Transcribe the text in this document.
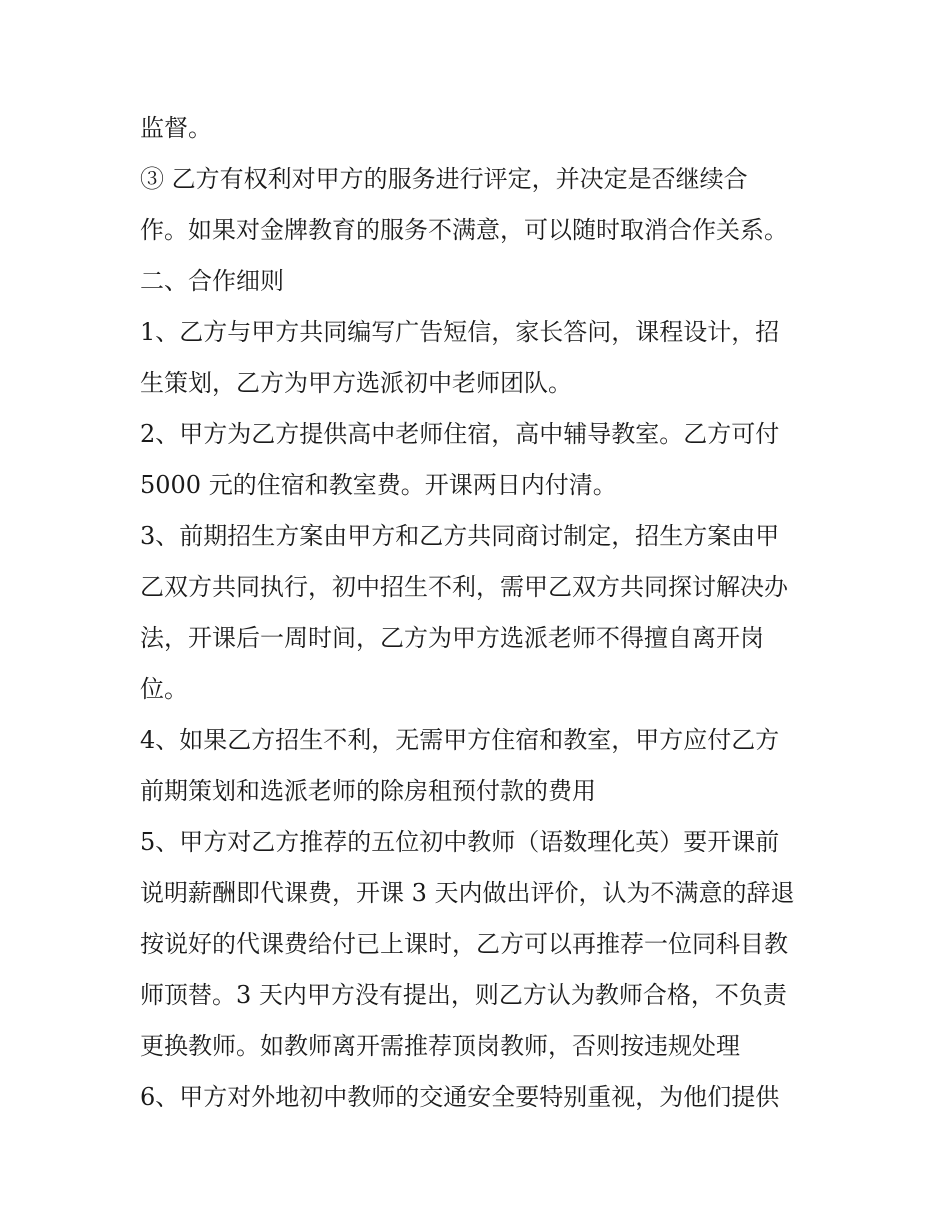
监督。
③ 乙方有权利对甲方的服务进行评定，并决定是否继续合
作。如果对金牌教育的服务不满意，可以随时取消合作关系。
二、合作细则
1、乙方与甲方共同编写广告短信，家长答问，课程设计，招
生策划，乙方为甲方选派初中老师团队。
2、甲方为乙方提供高中老师住宿，高中辅导教室。乙方可付
5000 元的住宿和教室费。开课两日内付清。
3、前期招生方案由甲方和乙方共同商讨制定，招生方案由甲
乙双方共同执行，初中招生不利，需甲乙双方共同探讨解决办
法，开课后一周时间，乙方为甲方选派老师不得擅自离开岗
位。
4、如果乙方招生不利，无需甲方住宿和教室，甲方应付乙方
前期策划和选派老师的除房租预付款的费用
5、甲方对乙方推荐的五位初中教师（语数理化英）要开课前
说明薪酬即代课费，开课 3 天内做出评价，认为不满意的辞退
按说好的代课费给付已上课时，乙方可以再推荐一位同科目教
师顶替。3 天内甲方没有提出，则乙方认为教师合格，不负责
更换教师。如教师离开需推荐顶岗教师，否则按违规处理
6、甲方对外地初中教师的交通安全要特别重视，为他们提供
